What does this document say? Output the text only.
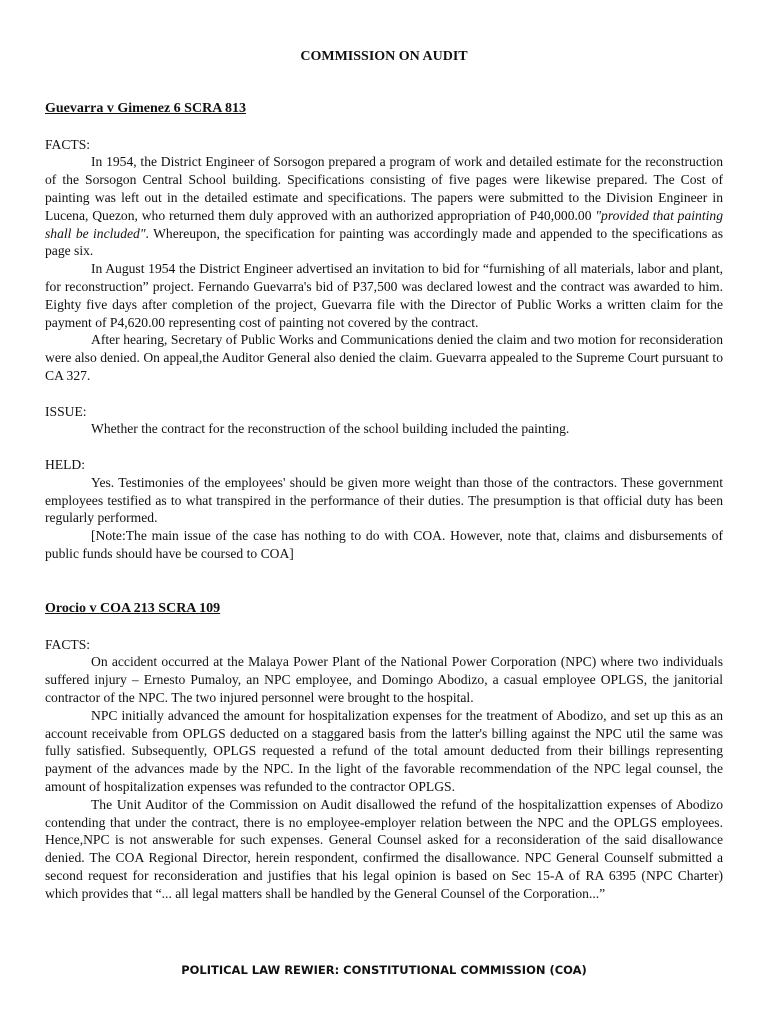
COMMISSION ON AUDIT

Guevarra v Gimenez 6 SCRA 813

FACTS:

In 1954, the District Engineer of Sorsogon prepared a program of work and detailed estimate for the reconstruction of the Sorsogon Central School building. Specifications consisting of five pages were likewise prepared. The Cost of painting was left out in the detailed estimate and specifications. The papers were submitted to the Division Engineer in Lucena, Quezon, who returned them duly approved with an authorized appropriation of P40,000.00 "provided that painting shall be included". Whereupon, the specification for painting was accordingly made and appended to the specifications as page six.

In August 1954 the District Engineer advertised an invitation to bid for “furnishing of all materials, labor and plant, for reconstruction” project. Fernando Guevarra's bid of P37,500 was declared lowest and the contract was awarded to him. Eighty five days after completion of the project, Guevarra file with the Director of Public Works a written claim for the payment of P4,620.00 representing cost of painting not covered by the contract.

After hearing, Secretary of Public Works and Communications denied the claim and two motion for reconsideration were also denied. On appeal,the Auditor General also denied the claim. Guevarra appealed to the Supreme Court pursuant to CA 327.

ISSUE:

Whether the contract for the reconstruction of the school building included the painting.

HELD:

Yes. Testimonies of the employees' should be given more weight than those of the contractors. These government employees testified as to what transpired in the performance of their duties. The presumption is that official duty has been regularly performed.

[Note:The main issue of the case has nothing to do with COA. However, note that, claims and disbursements of public funds should have be coursed to COA]

Orocio v COA 213 SCRA 109

FACTS:

On accident occurred at the Malaya Power Plant of the National Power Corporation (NPC) where two individuals suffered injury – Ernesto Pumaloy, an NPC employee, and Domingo Abodizo, a casual employee OPLGS, the janitorial contractor of the NPC. The two injured personnel were brought to the hospital.

NPC initially advanced the amount for hospitalization expenses for the treatment of Abodizo, and set up this as an account receivable from OPLGS deducted on a staggared basis from the latter's billing against the NPC util the same was fully satisfied. Subsequently, OPLGS requested a refund of the total amount deducted from their billings representing payment of the advances made by the NPC. In the light of the favorable recommendation of the NPC legal counsel, the amount of hospitalization expenses was refunded to the contractor OPLGS.

The Unit Auditor of the Commission on Audit disallowed the refund of the hospitalizattion expenses of Abodizo contending that under the contract, there is no employee-employer relation between the NPC and the OPLGS employees. Hence,NPC is not answerable for such expenses. General Counsel asked for a reconsideration of the said disallowance denied. The COA Regional Director, herein respondent, confirmed the disallowance. NPC General Counself submitted a second request for reconsideration and justifies that his legal opinion is based on Sec 15-A of RA 6395 (NPC Charter) which provides that “... all legal matters shall be handled by the General Counsel of the Corporation...”

POLITICAL LAW REWIER: CONSTITUTIONAL COMMISSION (COA)
